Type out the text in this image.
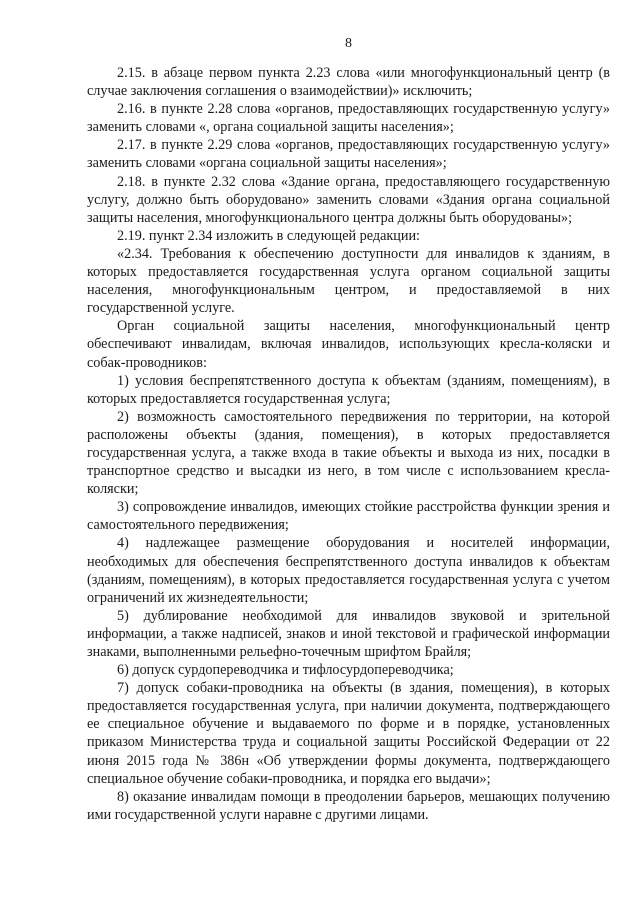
8

2.15. в абзаце первом пункта 2.23 слова «или многофункциональный центр (в случае заключения соглашения о взаимодействии)» исключить;

2.16. в пункте 2.28 слова «органов, предоставляющих государственную услугу» заменить словами «, органа социальной защиты населения»;

2.17. в пункте 2.29 слова «органов, предоставляющих государственную услугу» заменить словами «органа социальной защиты населения»;

2.18. в пункте 2.32 слова «Здание органа, предоставляющего государственную услугу, должно быть оборудовано» заменить словами «Здания органа социальной защиты населения, многофункционального центра должны быть оборудованы»;

2.19. пункт 2.34 изложить в следующей редакции:

«2.34. Требования к обеспечению доступности для инвалидов к зданиям, в которых предоставляется государственная услуга органом социальной защиты населения, многофункциональным центром, и предоставляемой в них государственной услуге.

Орган социальной защиты населения, многофункциональный центр обеспечивают инвалидам, включая инвалидов, использующих кресла-коляски и собак-проводников:

1) условия беспрепятственного доступа к объектам (зданиям, помещениям), в которых предоставляется государственная услуга;

2) возможность самостоятельного передвижения по территории, на которой расположены объекты (здания, помещения), в которых предоставляется государственная услуга, а также входа в такие объекты и выхода из них, посадки в транспортное средство и высадки из него, в том числе с использованием кресла-коляски;

3) сопровождение инвалидов, имеющих стойкие расстройства функции зрения и самостоятельного передвижения;

4) надлежащее размещение оборудования и носителей информации, необходимых для обеспечения беспрепятственного доступа инвалидов к объектам (зданиям, помещениям), в которых предоставляется государственная услуга с учетом ограничений их жизнедеятельности;

5) дублирование необходимой для инвалидов звуковой и зрительной информации, а также надписей, знаков и иной текстовой и графической информации знаками, выполненными рельефно-точечным шрифтом Брайля;

6) допуск сурдопереводчика и тифлосурдопереводчика;

7) допуск собаки-проводника на объекты (в здания, помещения), в которых предоставляется государственная услуга, при наличии документа, подтверждающего ее специальное обучение и выдаваемого по форме и в порядке, установленных приказом Министерства труда и социальной защиты Российской Федерации от 22 июня 2015 года № 386н «Об утверждении формы документа, подтверждающего специальное обучение собаки-проводника, и порядка его выдачи»;

8) оказание инвалидам помощи в преодолении барьеров, мешающих получению ими государственной услуги наравне с другими лицами.
